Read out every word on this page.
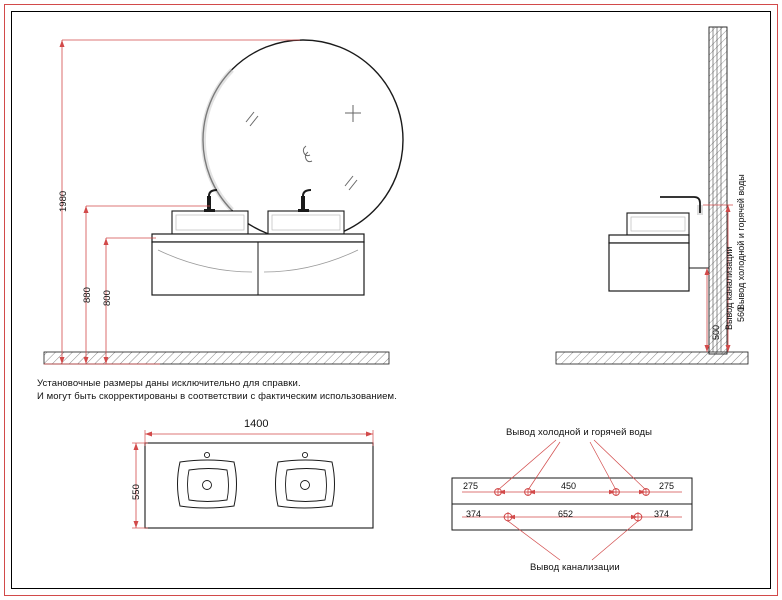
1980
880 800
560
Вывод холодной и горячей воды
500
Вывод канализации
Установочные размеры даны исключительно для справки.
И могут быть скорректированы в соответствии с фактическим использованием.
1400
550
Вывод холодной и горячей воды
Вывод канализации
275	450	275
374	652	374
